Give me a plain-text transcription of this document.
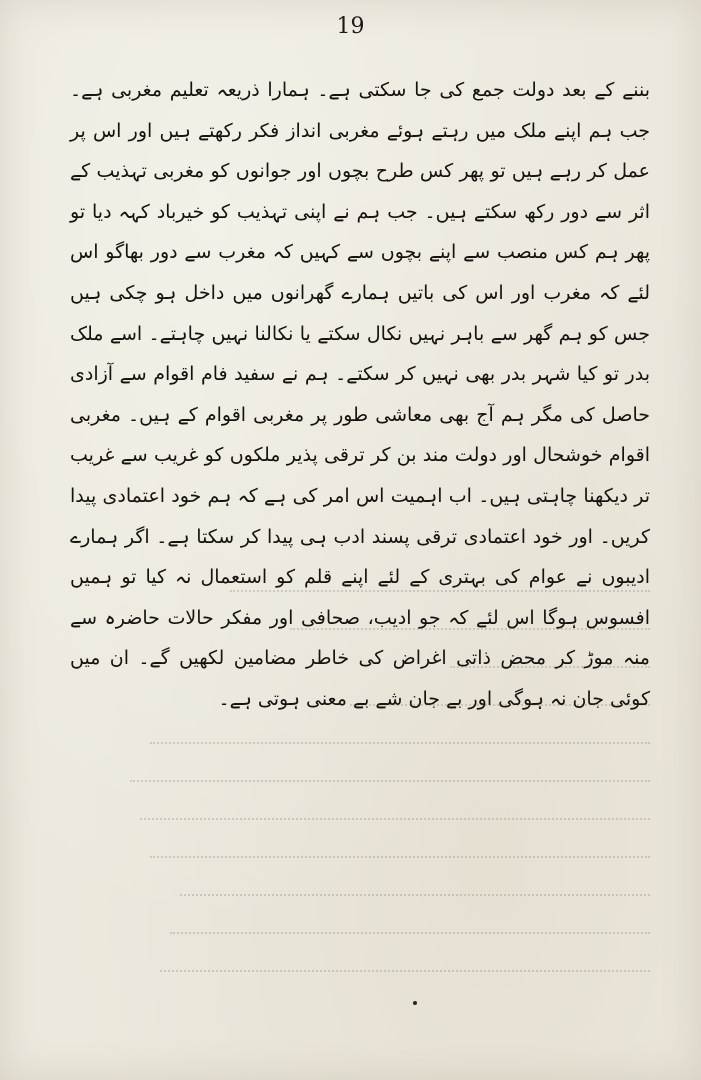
19

بننے کے بعد دولت جمع کی جا سکتی ہے۔ ہمارا ذریعہ تعلیم مغربی ہے۔ جب ہم اپنے ملک میں رہتے ہوئے مغربی انداز فکر رکھتے ہیں اور اس پر عمل کر رہے ہیں تو پھر کس طرح بچوں اور جوانوں کو مغربی تہذیب کے اثر سے دور رکھ سکتے ہیں۔ جب ہم نے اپنی تہذیب کو خیرباد کہہ دیا تو پھر ہم کس منصب سے اپنے بچوں سے کہیں کہ مغرب سے دور بھاگو اس لئے کہ مغرب اور اس کی باتیں ہمارے گھرانوں میں داخل ہو چکی ہیں جس کو ہم گھر سے باہر نہیں نکال سکتے یا نکالنا نہیں چاہتے۔ اسے ملک بدر تو کیا شہر بدر بھی نہیں کر سکتے۔ ہم نے سفید فام اقوام سے آزادی حاصل کی مگر ہم آج بھی معاشی طور پر مغربی اقوام کے ہیں۔ مغربی اقوام خوشحال اور دولت مند بن کر ترقی پذیر ملکوں کو غریب سے غریب تر دیکھنا چاہتی ہیں۔ اب اہمیت اس امر کی ہے کہ ہم خود اعتمادی پیدا کریں۔ اور خود اعتمادی ترقی پسند ادب ہی پیدا کر سکتا ہے۔ اگر ہمارے ادیبوں نے عوام کی بہتری کے لئے اپنے قلم کو استعمال نہ کیا تو ہمیں افسوس ہوگا اس لئے کہ جو ادیب، صحافی اور مفکر حالات حاضرہ سے منہ موڑ کر محض ذاتی اغراض کی خاطر مضامین لکھیں گے۔ ان میں کوئی جان نہ ہوگی اور بے جان شے بے معنی ہوتی ہے۔
